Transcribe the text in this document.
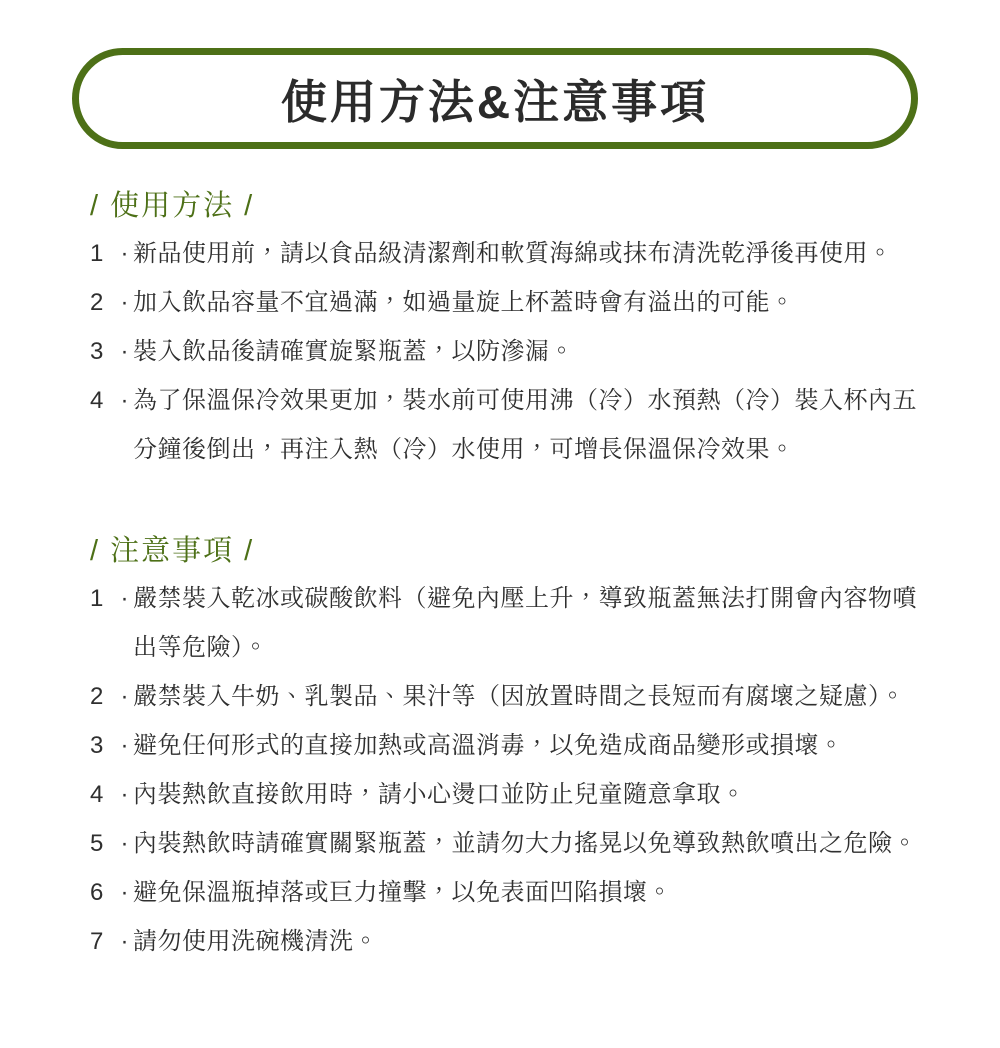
使用方法&注意事項
/ 使用方法 /
1 · 新品使用前，請以食品級清潔劑和軟質海綿或抹布清洗乾淨後再使用。
2 · 加入飲品容量不宜過滿，如過量旋上杯蓋時會有溢出的可能。
3 · 裝入飲品後請確實旋緊瓶蓋，以防滲漏。
4 · 為了保溫保冷效果更加，裝水前可使用沸（冷）水預熱（冷）裝入杯內五分鐘後倒出，再注入熱（冷）水使用，可增長保溫保冷效果。
/ 注意事項 /
1 · 嚴禁裝入乾冰或碳酸飲料（避免內壓上升，導致瓶蓋無法打開會內容物噴出等危險）。
2 · 嚴禁裝入牛奶、乳製品、果汁等（因放置時間之長短而有腐壞之疑慮）。
3 · 避免任何形式的直接加熱或高溫消毒，以免造成商品變形或損壞。
4 · 內裝熱飲直接飲用時，請小心燙口並防止兒童隨意拿取。
5 · 內裝熱飲時請確實關緊瓶蓋，並請勿大力搖晃以免導致熱飲噴出之危險。
6 · 避免保溫瓶掉落或巨力撞擊，以免表面凹陷損壞。
7 · 請勿使用洗碗機清洗。
